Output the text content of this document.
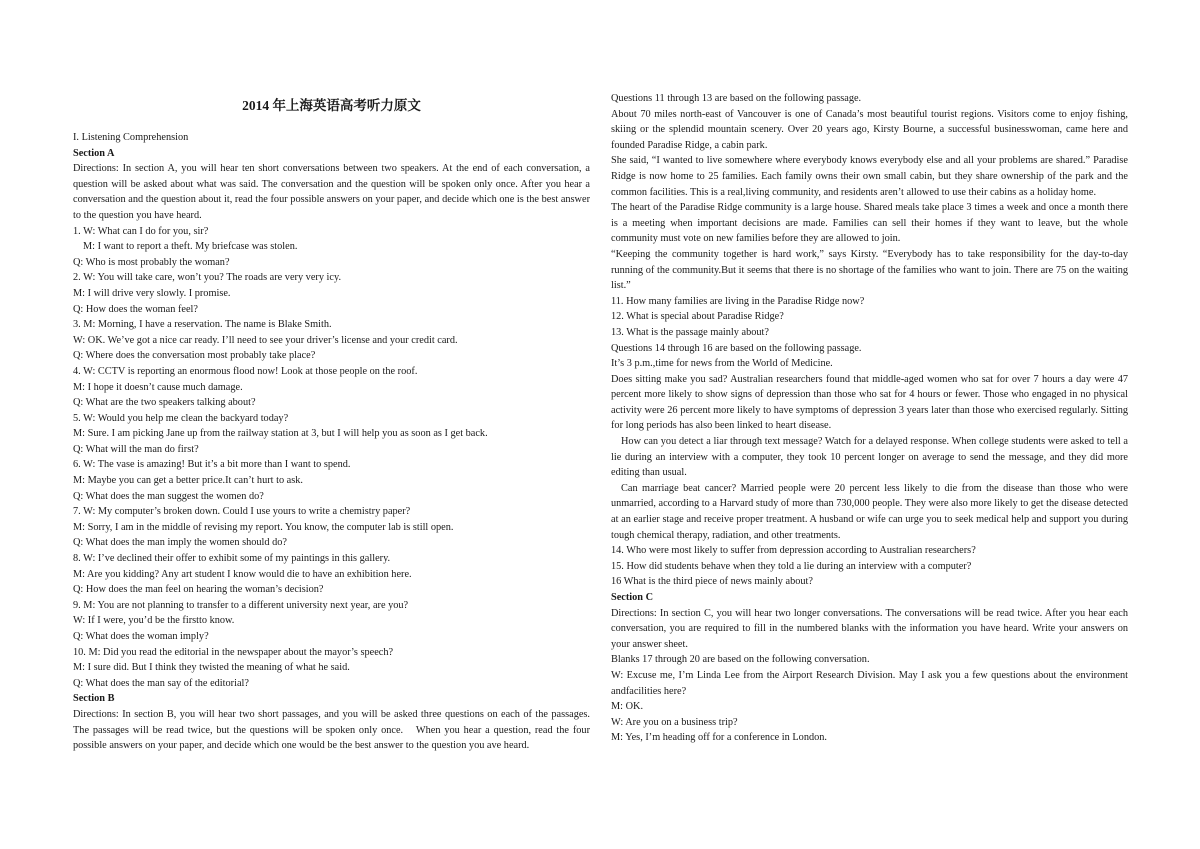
2014 年上海英语高考听力原文
I. Listening Comprehension
Section A

Directions: In section A, you will hear ten short conversations between two speakers. At the end of each conversation, a question will be asked about what was said. The conversation and the question will be spoken only once. After you hear a conversation and the question about it, read the four possible answers on your paper, and decide which one is the best answer to the question you have heard.

1. W: What can I do for you, sir?
M: I want to report a theft. My briefcase was stolen.
Q: Who is most probably the woman?
2. W: You will take care, won’t you? The roads are very very icy.
M: I will drive very slowly. I promise.
Q: How does the woman feel?
3. M: Morning, I have a reservation. The name is Blake Smith.
W: OK. We’ve got a nice car ready. I’ll need to see your driver’s license and your credit card.
Q: Where does the conversation most probably take place?
4. W: CCTV is reporting an enormous flood now! Look at those people on the roof.
M: I hope it doesn’t cause much damage.
Q: What are the two speakers talking about?
5. W: Would you help me clean the backyard today?
M: Sure. I am picking Jane up from the railway station at 3, but I will help you as soon as I get back.
Q: What will the man do first?
6. W: The vase is amazing! But it’s a bit more than I want to spend.
M: Maybe you can get a better price.It can’t hurt to ask.
Q: What does the man suggest the women do?
7. W: My computer’s broken down. Could I use yours to write a chemistry paper?
M: Sorry, I am in the middle of revising my report. You know, the computer lab is still open.
Q: What does the man imply the women should do?
8. W: I’ve declined their offer to exhibit some of my paintings in this gallery.
M: Are you kidding? Any art student I know would die to have an exhibition here.
Q: How does the man feel on hearing the woman’s decision?
9. M: You are not planning to transfer to a different university next year, are you?
W: If I were, you’d be the firstto know.
Q: What does the woman imply?
10. M: Did you read the editorial in the newspaper about the mayor’s speech?
M: I sure did. But I think they twisted the meaning of what he said.
Q: What does the man say of the editorial?
Section B

Directions: In section B, you will hear two short passages, and you will be asked three questions on each of the passages. The passages will be read twice, but the questions will be spoken only once.　When you hear a question, read the four possible answers on your paper, and decide which one would be the best answer to the question you ave heard.

Questions 11 through 13 are based on the following passage.

About 70 miles north-east of Vancouver is one of Canada’s most beautiful tourist regions. Visitors come to enjoy fishing, skiing or the splendid mountain scenery. Over 20 years ago, Kirsty Bourne, a successful businesswoman, came here and founded Paradise Ridge, a cabin park.

She said, “I wanted to live somewhere where everybody knows everybody else and all your problems are shared.” Paradise Ridge is now home to 25 families. Each family owns their own small cabin, but they share ownership of the park and the common facilities. This is a real,living community, and residents aren’t allowed to use their cabins as a holiday home.

The heart of the Paradise Ridge community is a large house. Shared meals take place 3 times a week and once a month there is a meeting when important decisions are made. Families can sell their homes if they want to leave, but the whole community must vote on new families before they are allowed to join.

“Keeping the community together is hard work,” says Kirsty. “Everybody has to take responsibility for the day-to-day running of the community.But it seems that there is no shortage of the families who want to join. There are 75 on the waiting list.”

11. How many families are living in the Paradise Ridge now?
12. What is special about Paradise Ridge?
13. What is the passage mainly about?
Questions 14 through 16 are based on the following passage.
It’s 3 p.m.,time for news from the World of Medicine.

Does sitting make you sad? Australian researchers found that middle-aged women who sat for over 7 hours a day were 47 percent more likely to show signs of depression than those who sat for 4 hours or fewer. Those who engaged in no physical activity were 26 percent more likely to have symptoms of depression 3 years later than those who exercised regularly. Sitting for long periods has also been linked to heart disease.

How can you detect a liar through text message? Watch for a delayed response. When college students were asked to tell a lie during an interview with a computer, they took 10 percent longer on average to send the message, and they did more editing than usual.

Can marriage beat cancer? Married people were 20 percent less likely to die from the disease than those who were unmarried, according to a Harvard study of more than 730,000 people. They were also more likely to get the disease detected at an earlier stage and receive proper treatment. A husband or wife can urge you to seek medical help and support you during tough chemical therapy, radiation, and other treatments.

14. Who were most likely to suffer from depression according to Australian researchers?
15. How did students behave when they told a lie during an interview with a computer?
16 What is the third piece of news mainly about?
Section C

Directions: In section C, you will hear two longer conversations. The conversations will be read twice. After you hear each conversation, you are required to fill in the numbered blanks with the information you have heard. Write your answers on your answer sheet.

Blanks 17 through 20 are based on the following conversation.

W: Excuse me, I’m Linda Lee from the Airport Research Division. May I ask you a few questions about the environment andfacilities here?

M: OK.
W: Are you on a business trip?
M: Yes, I’m heading off for a conference in London.
